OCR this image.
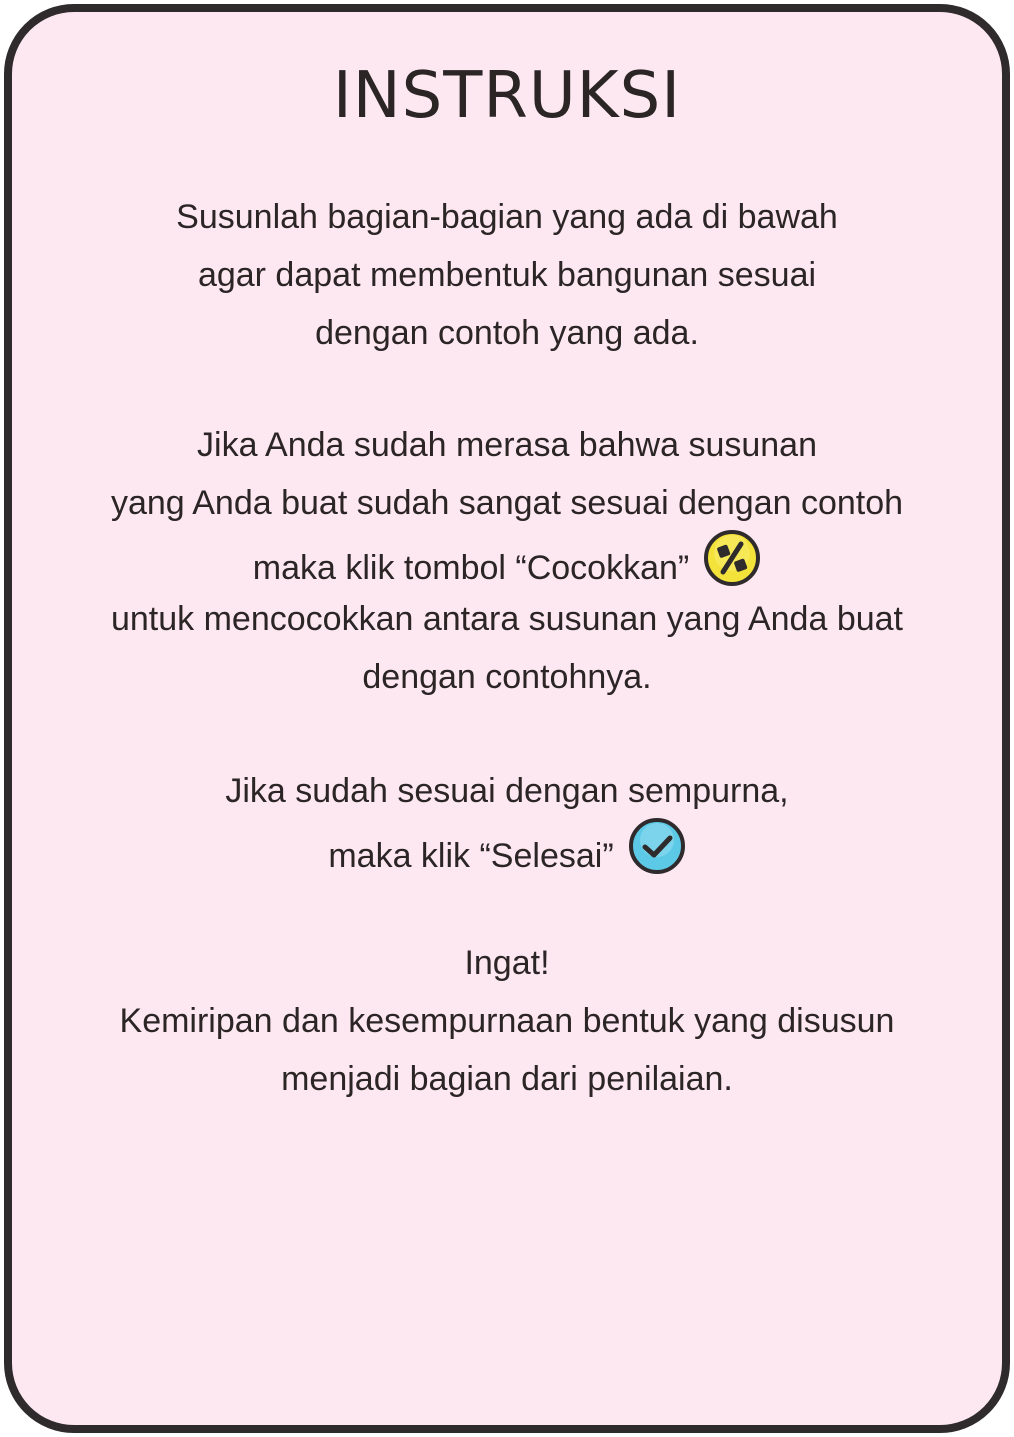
INSTRUKSI
Susunlah bagian-bagian yang ada di bawah
agar dapat membentuk bangunan sesuai
dengan contoh yang ada.
Jika Anda sudah merasa bahwa susunan
yang Anda buat sudah sangat sesuai dengan contoh
maka klik tombol “Cocokkan”
untuk mencocokkan antara susunan yang Anda buat
dengan contohnya.
Jika sudah sesuai dengan sempurna,
maka klik “Selesai”
Ingat!
Kemiripan dan kesempurnaan bentuk yang disusun
menjadi bagian dari penilaian.
